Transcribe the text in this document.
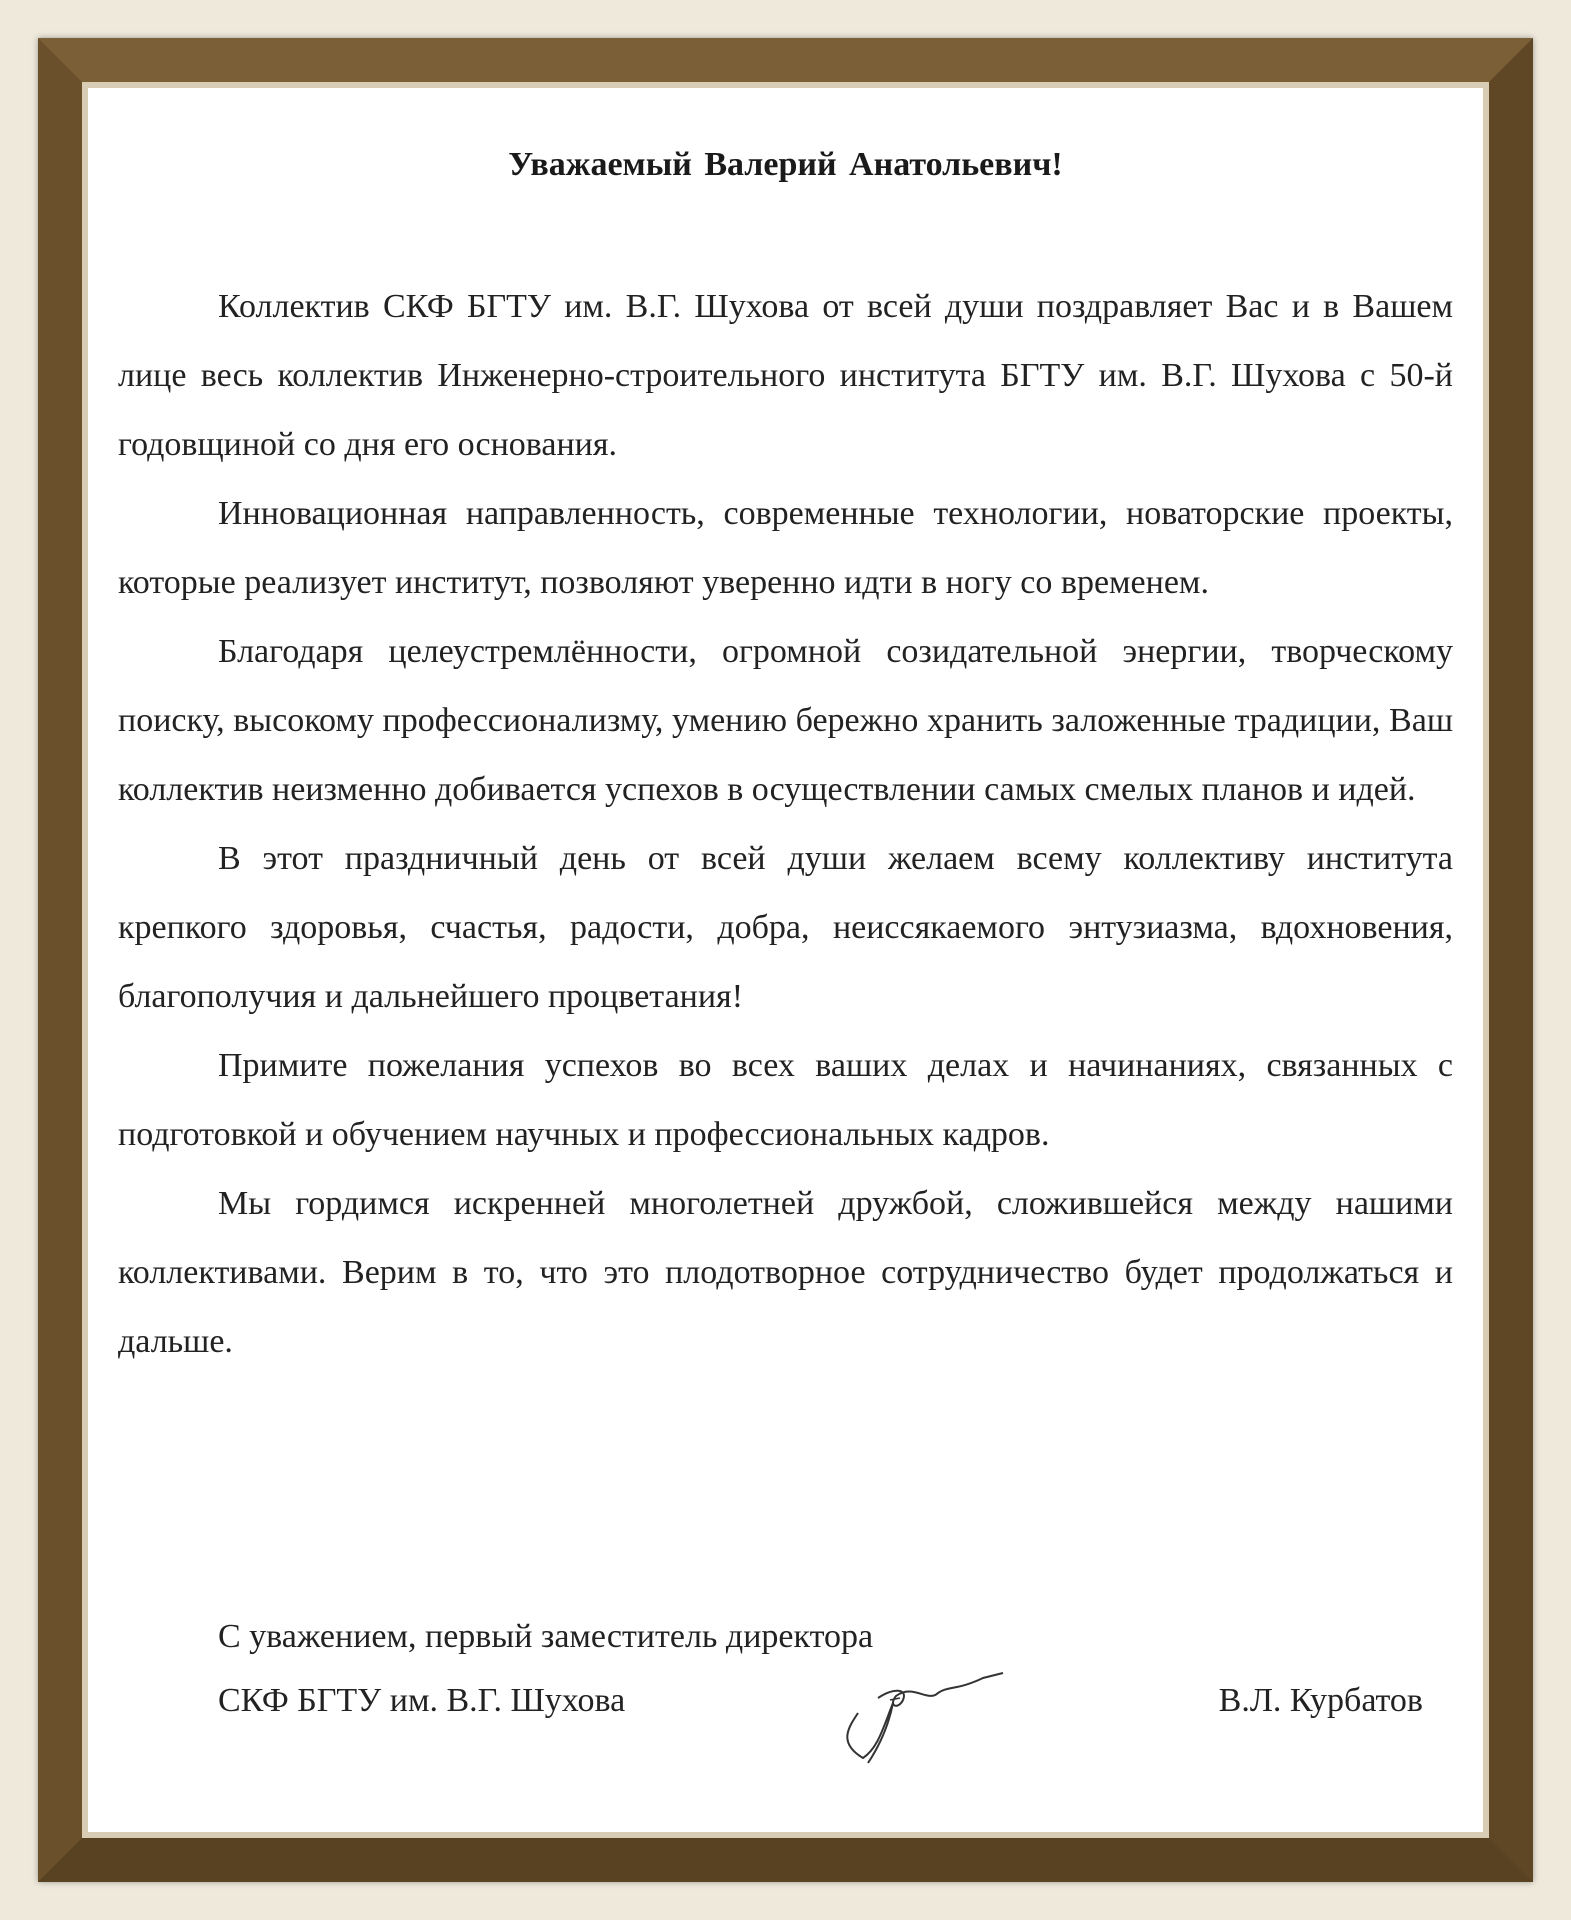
Уважаемый Валерий Анатольевич!

Коллектив СКФ БГТУ им. В.Г. Шухова от всей души поздравляет Вас и в Вашем лице весь коллектив Инженерно-строительного института БГТУ им. В.Г. Шухова с 50-й годовщиной со дня его основания.

Инновационная направленность, современные технологии, новаторские проекты, которые реализует институт, позволяют уверенно идти в ногу со временем.

Благодаря целеустремлённости, огромной созидательной энергии, творческому поиску, высокому профессионализму, умению бережно хранить заложенные традиции, Ваш коллектив неизменно добивается успехов в осуществлении самых смелых планов и идей.

В этот праздничный день от всей души желаем всему коллективу института крепкого здоровья, счастья, радости, добра, неиссякаемого энтузиазма, вдохновения, благополучия и дальнейшего процветания!

Примите пожелания успехов во всех ваших делах и начинаниях, связанных с подготовкой и обучением научных и профессиональных кадров.

Мы гордимся искренней многолетней дружбой, сложившейся между нашими коллективами. Верим в то, что это плодотворное сотрудничество будет продолжаться и дальше.

С уважением, первый заместитель директора
СКФ БГТУ им. В.Г. Шухова	В.Л. Курбатов
